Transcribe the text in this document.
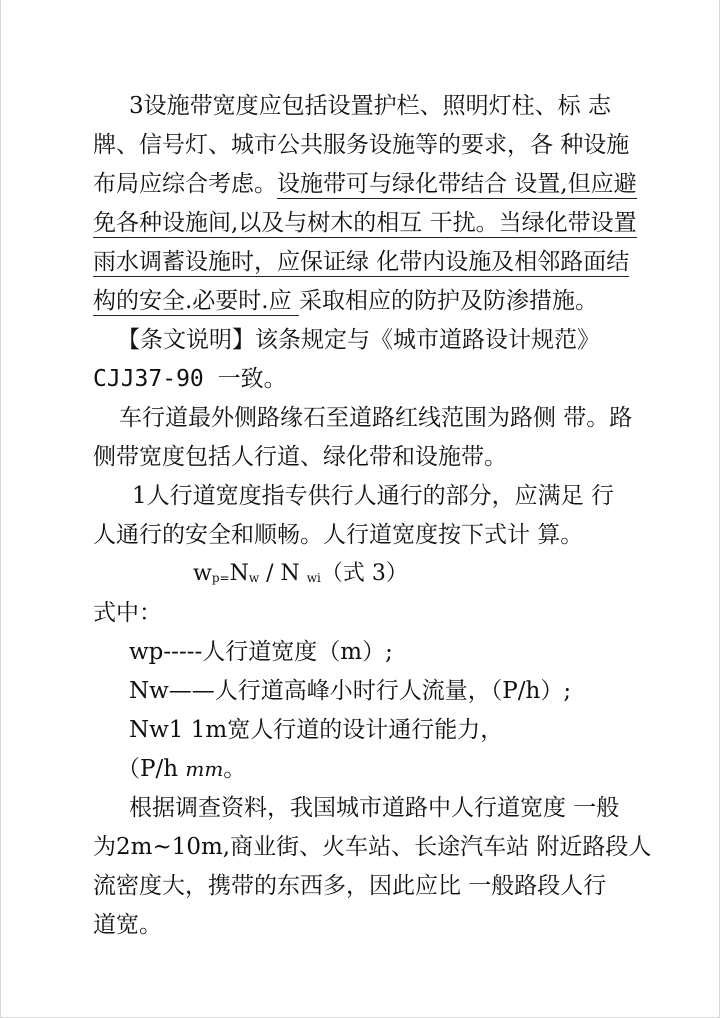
3设施带宽度应包括设置护栏、照明灯柱、标 志
牌、信号灯、城市公共服务设施等的要求，各 种设施
布局应综合考虑。设施带可与绿化带结合 设置,但应避
免各种设施间,以及与树木的相互 干扰。当绿化带设置
雨水调蓄设施时，应保证绿 化带内设施及相邻路面结
构的安全.必要时.应 采取相应的防护及防渗措施。
【条文说明】该条规定与《城市道路设计规范》
CJJ37-90 一致。
车行道最外侧路缘石至道路红线范围为路侧 带。路
侧带宽度包括人行道、绿化带和设施带。
1人行道宽度指专供行人通行的部分，应满足 行
人通行的安全和顺畅。人行道宽度按下式计 算。
wp=Nw / N wi（式 3）
式中：
wp-----人行道宽度（m）;
Nw——人行道高峰小时行人流量，（P/h）;
Nw1 1m宽人行道的设计通行能力，
（P/h mm。
根据调查资料，我国城市道路中人行道宽度 一般
为2m~10m,商业街、火车站、长途汽车站 附近路段人
流密度大，携带的东西多，因此应比 一般路段人行
道宽。
